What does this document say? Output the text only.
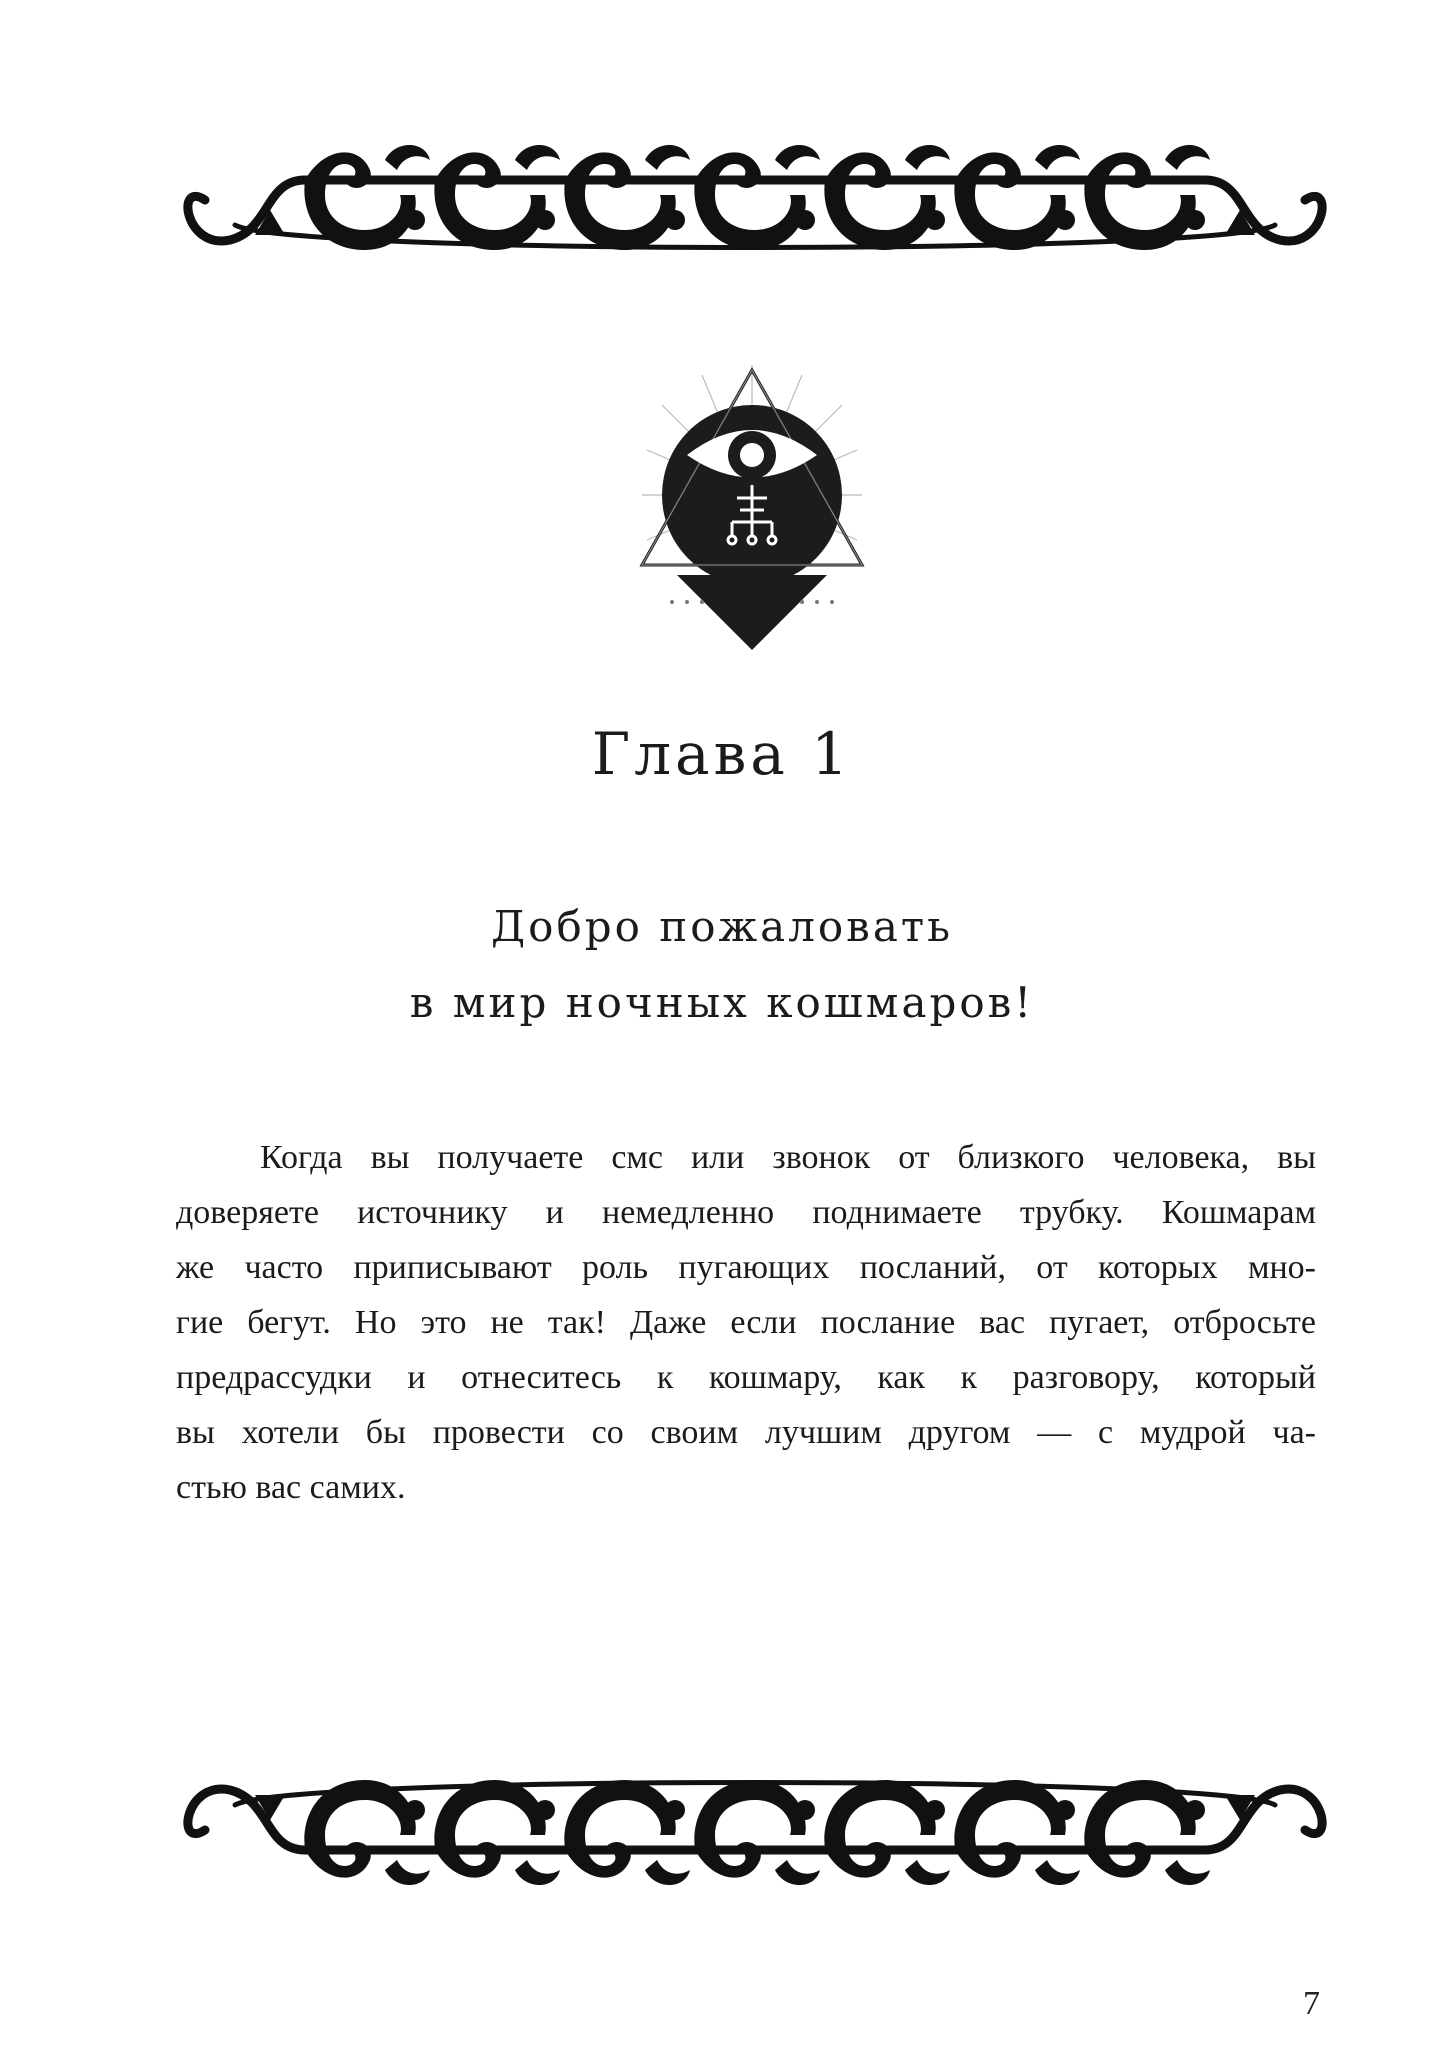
Глава 1
Добро пожаловать
в мир ночных кошмаров!
Когда вы получаете смс или звонок от близкого человека, вы
доверяете источнику и немедленно поднимаете трубку. Кошмарам
же часто приписывают роль пугающих посланий, от которых мно-
гие бегут. Но это не так! Даже если послание вас пугает, отбросьте
предрассудки и отнеситесь к кошмару, как к разговору, который
вы хотели бы провести со своим лучшим другом — с мудрой ча-
стью вас самих.
7
